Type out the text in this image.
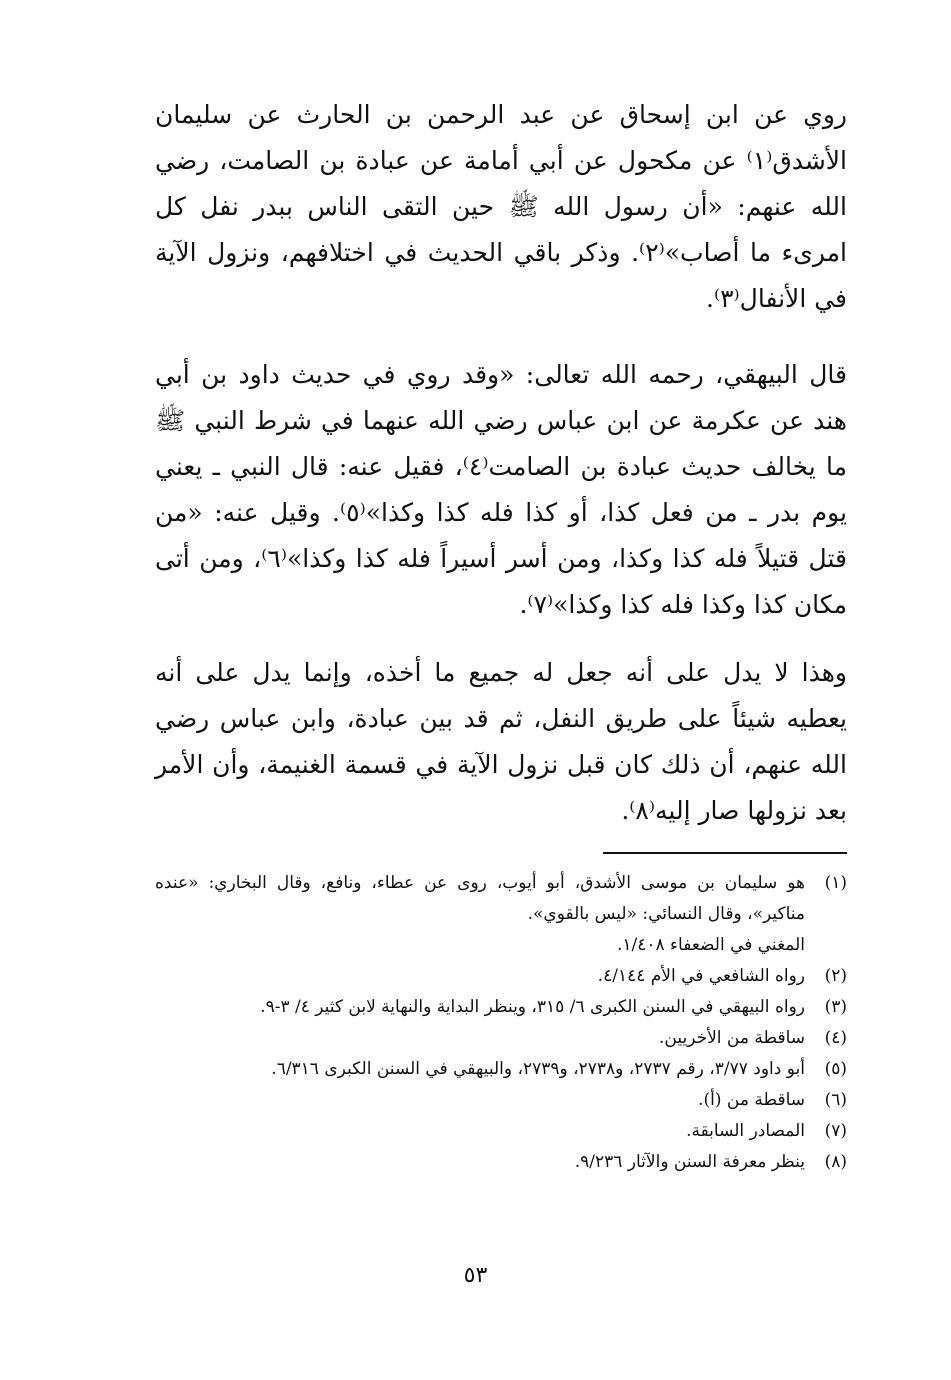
روي عن ابن إسحاق عن عبد الرحمن بن الحارث عن سليمان الأشدق⁽١⁾ عن مكحول عن أبي أمامة عن عبادة بن الصامت، رضي الله عنهم: «أن رسول الله ﷺ حين التقى الناس ببدر نفل كل امرىء ما أصاب»⁽٢⁾. وذكر باقي الحديث في اختلافهم، ونزول الآية في الأنفال⁽٣⁾.

قال البيهقي، رحمه الله تعالى: «وقد روي في حديث داود بن أبي هند عن عكرمة عن ابن عباس رضي الله عنهما في شرط النبي ﷺ ما يخالف حديث عبادة بن الصامت⁽٤⁾، فقيل عنه: قال النبي ـ يعني يوم بدر ـ من فعل كذا، أو كذا فله كذا وكذا»⁽٥⁾. وقيل عنه: «من قتل قتيلاً فله كذا وكذا، ومن أسر أسيراً فله كذا وكذا»⁽٦⁾، ومن أتى مكان كذا وكذا فله كذا وكذا»⁽٧⁾.

وهذا لا يدل على أنه جعل له جميع ما أخذه، وإنما يدل على أنه يعطيه شيئاً على طريق النفل، ثم قد بين عبادة، وابن عباس رضي الله عنهم، أن ذلك كان قبل نزول الآية في قسمة الغنيمة، وأن الأمر بعد نزولها صار إليه⁽٨⁾.

(١)
هو سليمان بن موسى الأشدق، أبو أيوب، روى عن عطاء، ونافع، وقال البخاري: «عنده مناكير»، وقال النسائي: «ليس بالقوي».
المغني في الضعفاء ١/٤٠٨.
(٢)
رواه الشافعي في الأم ٤/١٤٤.
(٣)
رواه البيهقي في السنن الكبرى ٦/ ٣١٥، وينظر البداية والنهاية لابن كثير ٤/ ٣-٩.
(٤)
ساقطة من الأخريين.
(٥)
أبو داود ٣/٧٧، رقم ٢٧٣٧، و٢٧٣٨، و٢٧٣٩، والبيهقي في السنن الكبرى ٦/٣١٦.
(٦)
ساقطة من (أ).
(٧)
المصادر السابقة.
(٨)
ينظر معرفة السنن والآثار ٩/٢٣٦.
٥٣
